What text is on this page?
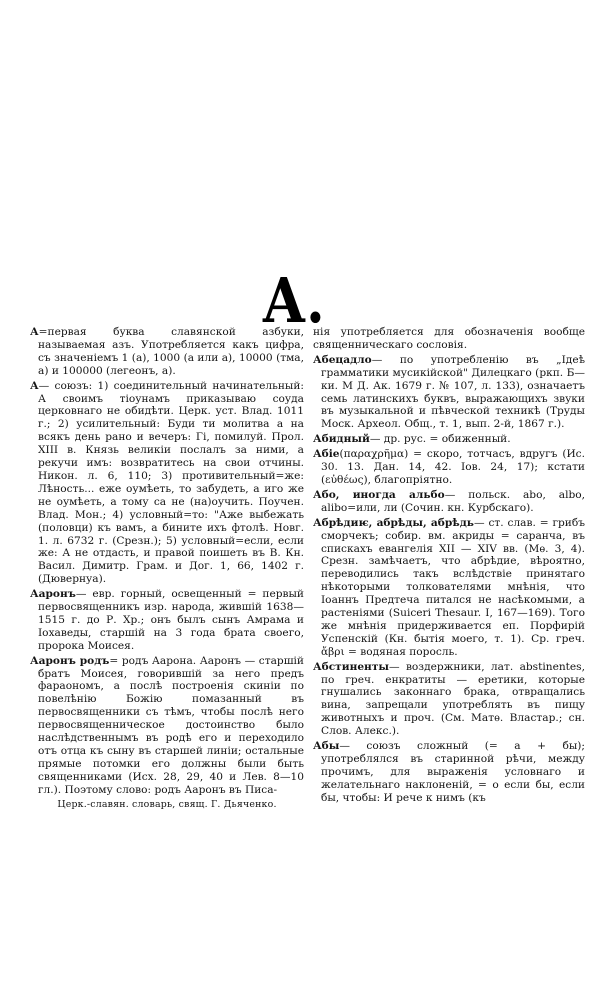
А.

А=первая буква славянской азбуки, называемая азъ. Употребляется какъ цифра, съ значеніемъ 1 (а), 1000 (а или а), 10000 (тма, а) и 100000 (легеонъ, а).

А— союзъ: 1) соединительный начинательный: А своимъ тіоунамъ приказываю соуда церковнаго не обидѣти. Церк. уст. Влад. 1011 г.; 2) усилительный: Буди ти молитва а на всякъ день рано и вечеръ: Гi, помилуй. Прол. XIII в. Князь великiи послалъ за ними, а рекучи имъ: возвратитесь на свои отчины. Никон. л. 6, 110; 3) противительный=же: Лѣность... еже оумѣеть, то забудеть, а иго же не оумѣеть, а тому са не (на)оучить. Поучен. Влад. Мон.; 4) условный=то: "Аже выбежать (половци) къ вамъ, а бините ихъ фтолѣ. Новг. 1. л. 6732 г. (Срезн.); 5) условный=если, если же: А не отдасть, и правой поишеть въ В. Кн. Васил. Димитр. Грам. и Дог. 1, 66, 1402 г. (Дювернуа).

Ааронъ— евр. горный, освещенный = первый первосвященникъ изр. народа, жившiй 1638—1515 г. до Р. Хр.; онъ былъ сынъ Амрама и Іохаведы, старшiй на 3 года брата своего, пророка Моисея.

Ааронъ родъ= родъ Аарона. Ааронъ — старшiй братъ Моисея, говорившiй за него предъ фараономъ, а послѣ построенiя скинiи по повелѣнiю Божiю помазанный въ первосвященники съ тѣмъ, чтобы послѣ него первосвященническое достоинство было наслѣдственнымъ въ родѣ его и переходило отъ отца къ сыну въ старшей линiи; остальные прямые потомки его должны были быть священниками (Исх. 28, 29, 40 и Лев. 8—10 гл.). Поэтому слово: родъ Ааронъ въ Писа-

Церк.-славян. словарь, свящ. Г. Дьяченко.

нія употребляется для обозначенія вообще священническаго сословія.

Абецадло— по употребленію въ „Iдеѣ грамматики мусикійской" Дилецкаго (ркп. Б—ки. М Д. Ак. 1679 г. № 107, л. 133), означаетъ семь латинскихъ буквъ, выражающихъ звуки въ музыкальной и пѣвческой техникѣ (Труды Моск. Археол. Общ., т. 1, вып. 2-й, 1867 г.).

Абидный— др. рус. = обиженный.

Абiе(παραχρῆμα) = скоро, тотчасъ, вдругъ (Ис. 30. 13. Дан. 14, 42. Іов. 24, 17); кстати (εὐθέως), благопріятно.

Або, иногда альбо— польск. abo, albo, alibo=или, ли (Сочин. кн. Курбскаго).

Абрѣдиѥ, абрѣды, абрѣдь— ст. слав. = грибъ сморчекъ; собир. вм. акриды = саранча, въ спискахъ евангелія XII — XIV вв. (Мѳ. 3, 4). Срезн. замѣчаетъ, что абрѣдие, вѣроятно, переводились такъ вслѣдствіе принятаго нѣкоторыми толкователями мнѣнія, что Іоаннъ Предтеча питался не насѣкомыми, а растеніями (Suiceri Thesaur. I, 167—169). Того же мнѣнія придерживается еп. Порфирій Успенскій (Кн. бытія моего, т. 1). Ср. греч. ἄβρι = водяная поросль.

Абстиненты— воздержники, лат. abstinentes, по греч. енкратиты — еретики, которые гнушались законнаго брака, отвращались вина, запрещали употреблять въ пищу животныхъ и проч. (См. Матѳ. Властар.; сн. Слов. Алекс.).

Абы— союзъ сложный (= а + бы); употреблялся въ старинной рѣчи, между прочимъ, для выраженія условнаго и желательнаго наклоненій, = о если бы, если бы, чтобы: И рече к нимъ (къ
